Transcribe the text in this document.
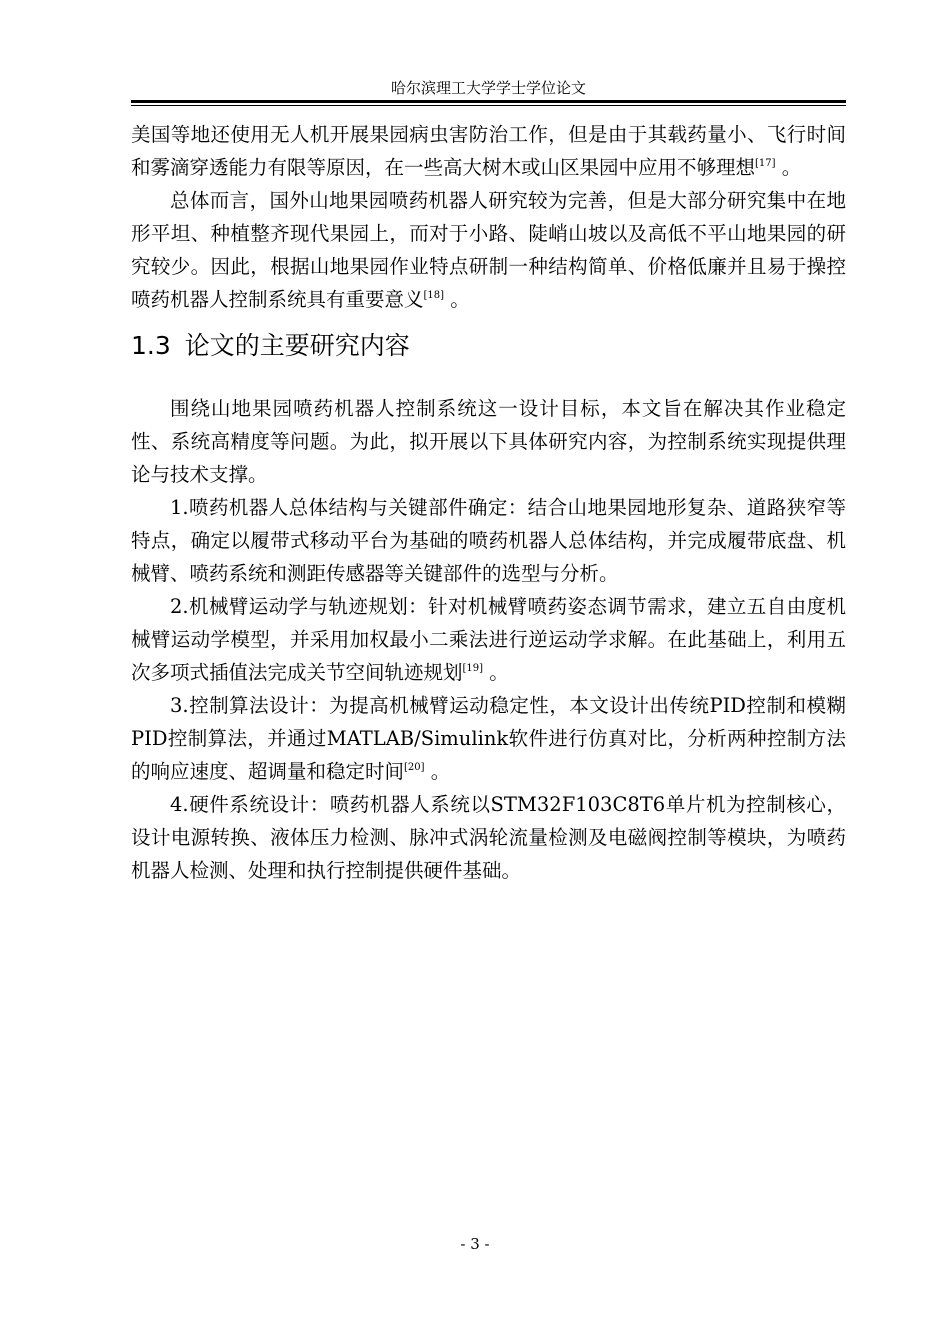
哈尔滨理工大学学士学位论文

美国等地还使用无人机开展果园病虫害防治工作，但是由于其载药量小、飞行时间和雾滴穿透能力有限等原因，在一些高大树木或山区果园中应用不够理想[17] 。

总体而言，国外山地果园喷药机器人研究较为完善，但是大部分研究集中在地形平坦、种植整齐现代果园上，而对于小路、陡峭山坡以及高低不平山地果园的研究较少。因此，根据山地果园作业特点研制一种结构简单、价格低廉并且易于操控喷药机器人控制系统具有重要意义[18] 。

1.3 论文的主要研究内容

围绕山地果园喷药机器人控制系统这一设计目标，本文旨在解决其作业稳定性、系统高精度等问题。为此，拟开展以下具体研究内容，为控制系统实现提供理论与技术支撑。

1.喷药机器人总体结构与关键部件确定：结合山地果园地形复杂、道路狭窄等特点，确定以履带式移动平台为基础的喷药机器人总体结构，并完成履带底盘、机械臂、喷药系统和测距传感器等关键部件的选型与分析。

2.机械臂运动学与轨迹规划：针对机械臂喷药姿态调节需求，建立五自由度机械臂运动学模型，并采用加权最小二乘法进行逆运动学求解。在此基础上，利用五次多项式插值法完成关节空间轨迹规划[19] 。

3.控制算法设计：为提高机械臂运动稳定性，本文设计出传统PID控制和模糊PID控制算法，并通过MATLAB/Simulink软件进行仿真对比，分析两种控制方法的响应速度、超调量和稳定时间[20] 。

4.硬件系统设计：喷药机器人系统以STM32F103C8T6单片机为控制核心，设计电源转换、液体压力检测、脉冲式涡轮流量检测及电磁阀控制等模块，为喷药机器人检测、处理和执行控制提供硬件基础。

- 3 -
